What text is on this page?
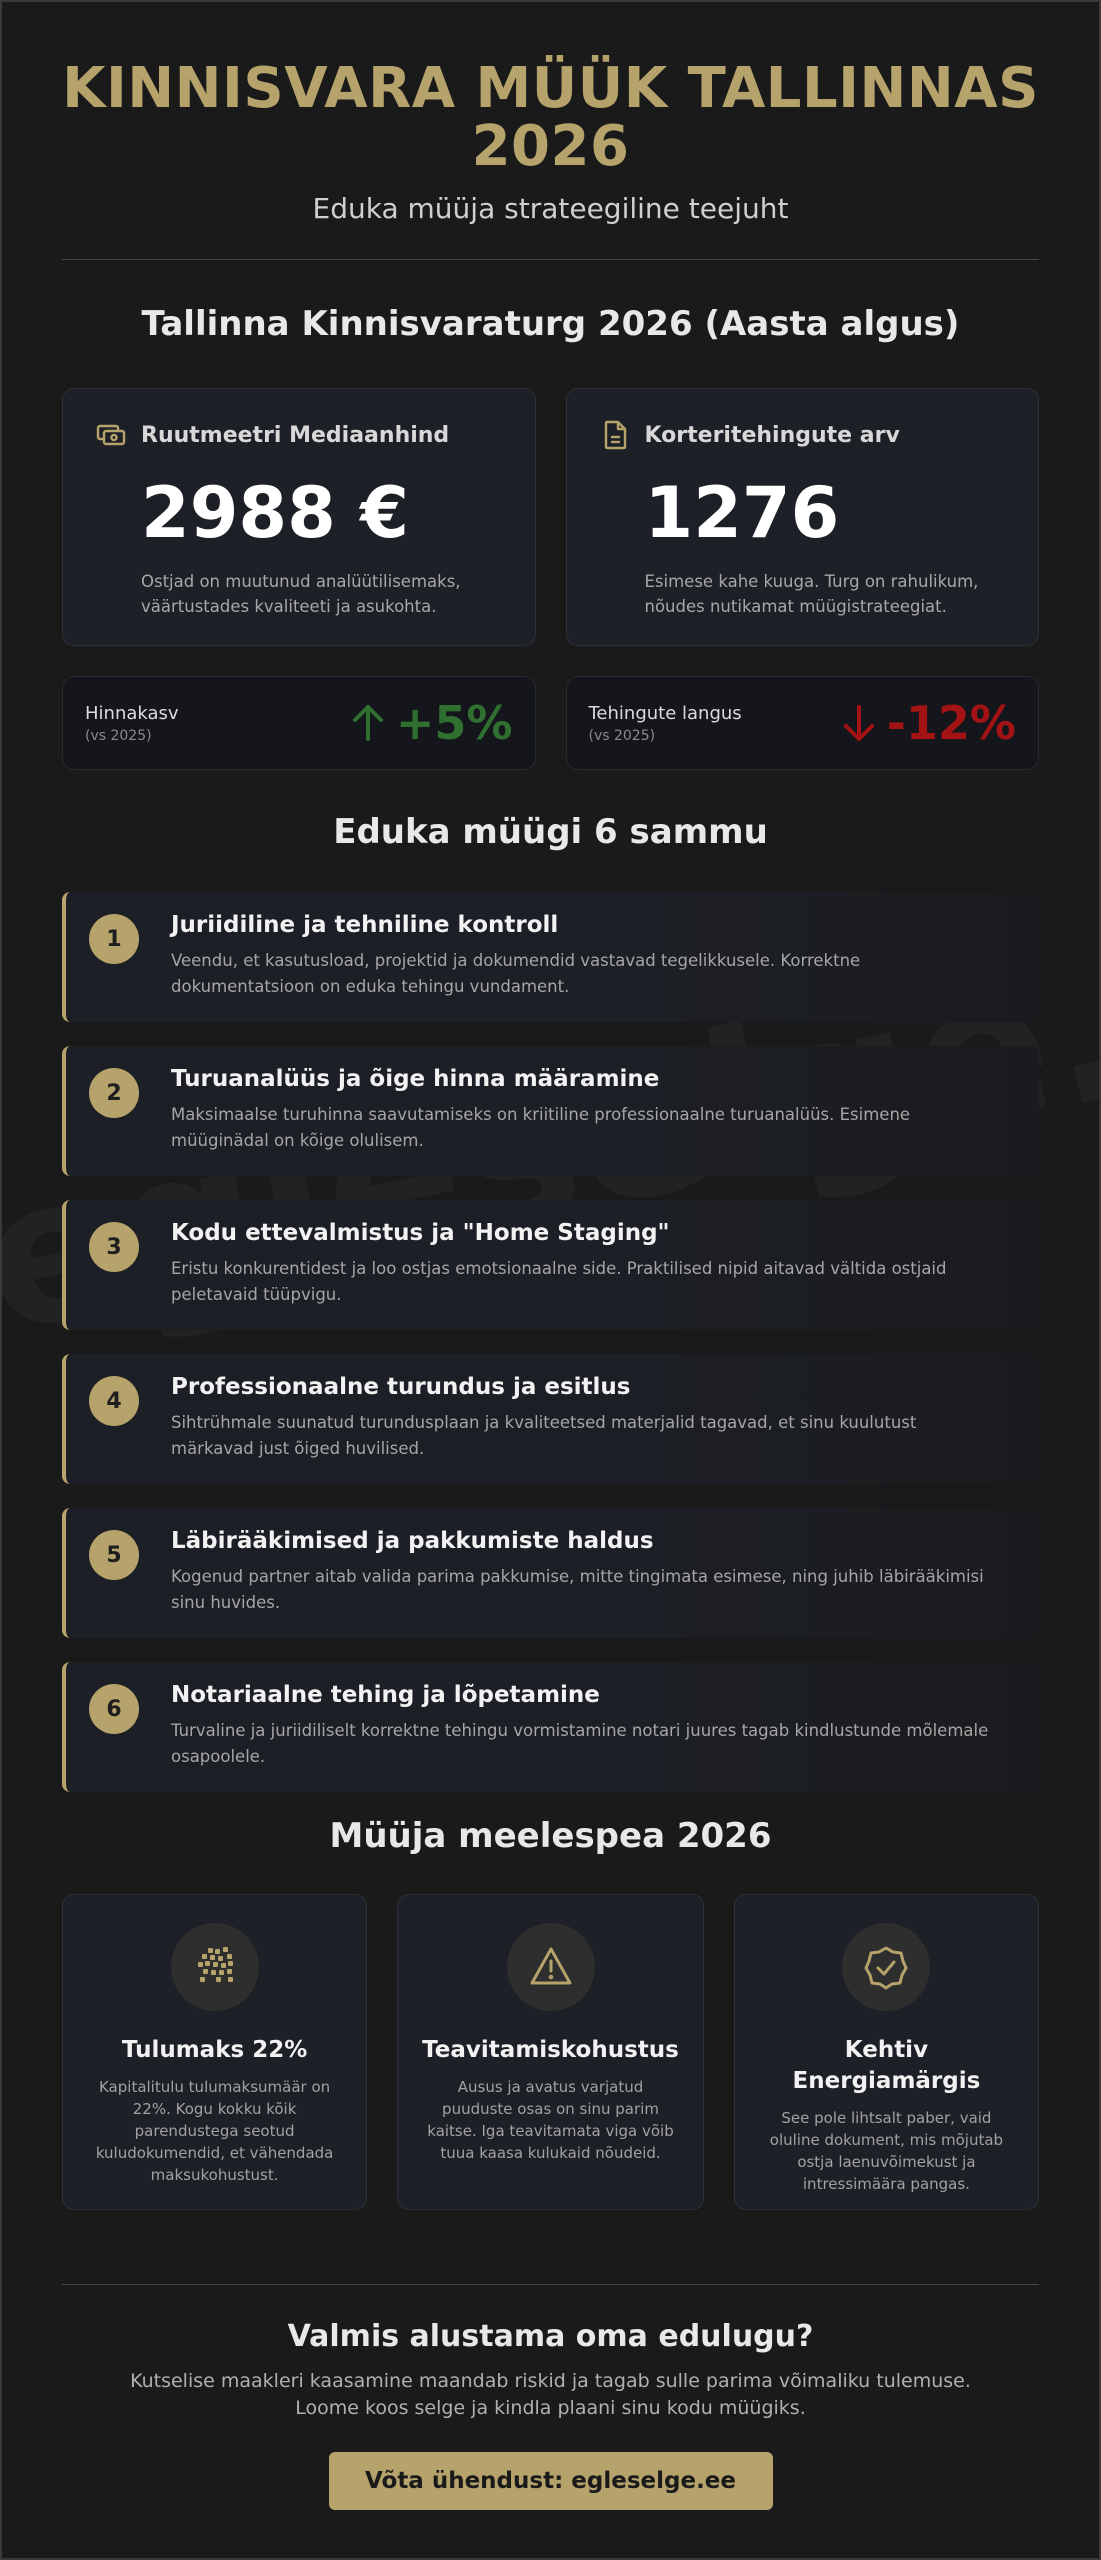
KINNISVARA MÜÜK TALLINNAS 2026
Eduka müüja strateegiline teejuht
Tallinna Kinnisvaraturg 2026 (Aasta algus)
Ruutmeetri Mediaanhind
2988 €
Ostjad on muutunud analüütilisemaks, väärtustades kvaliteeti ja asukohta.
Korteritehingute arv
1276
Esimese kahe kuuga. Turg on rahulikum, nõudes nutikamat müügistrateegiat.
Hinnakasv
(vs 2025)	+5%	Tehingute langus
(vs 2025)	-12%
Eduka müügi 6 sammu
1
Juriidiline ja tehniline kontroll
Veendu, et kasutusload, projektid ja dokumendid vastavad tegelikkusele. Korrektne dokumentatsioon on eduka tehingu vundament.
2
Turuanalüüs ja õige hinna määramine
Maksimaalse turuhinna saavutamiseks on kriitiline professionaalne turuanalüüs. Esimene müüginädal on kõige olulisem.
3
Kodu ettevalmistus ja "Home Staging"
Eristu konkurentidest ja loo ostjas emotsionaalne side. Praktilised nipid aitavad vältida ostjaid peletavaid tüüpvigu.
4
Professionaalne turundus ja esitlus
Sihtrühmale suunatud turundusplaan ja kvaliteetsed materjalid tagavad, et sinu kuulutust märkavad just õiged huvilised.
5
Läbirääkimised ja pakkumiste haldus
Kogenud partner aitab valida parima pakkumise, mitte tingimata esimese, ning juhib läbirääkimisi sinu huvides.
6
Notariaalne tehing ja lõpetamine
Turvaline ja juriidiliselt korrektne tehingu vormistamine notari juures tagab kindlustunde mõlemale osapoolele.
Müüja meelespea 2026
Tulumaks 22%
Kapitalitulu tulumaksumäär on 22%. Kogu kokku kõik parendustega seotud kuludokumendid, et vähendada maksukohustust.
Teavitamiskohustus
Ausus ja avatus varjatud puuduste osas on sinu parim kaitse. Iga teavitamata viga võib tuua kaasa kulukaid nõudeid.
Kehtiv Energiamärgis
See pole lihtsalt paber, vaid oluline dokument, mis mõjutab ostja laenuvõimekust ja intressimäära pangas.
Valmis alustama oma edulugu?
Kutselise maakleri kaasamine maandab riskid ja tagab sulle parima võimaliku tulemuse.
Loome koos selge ja kindla plaani sinu kodu müügiks.
Võta ühendust: egleselge.ee
